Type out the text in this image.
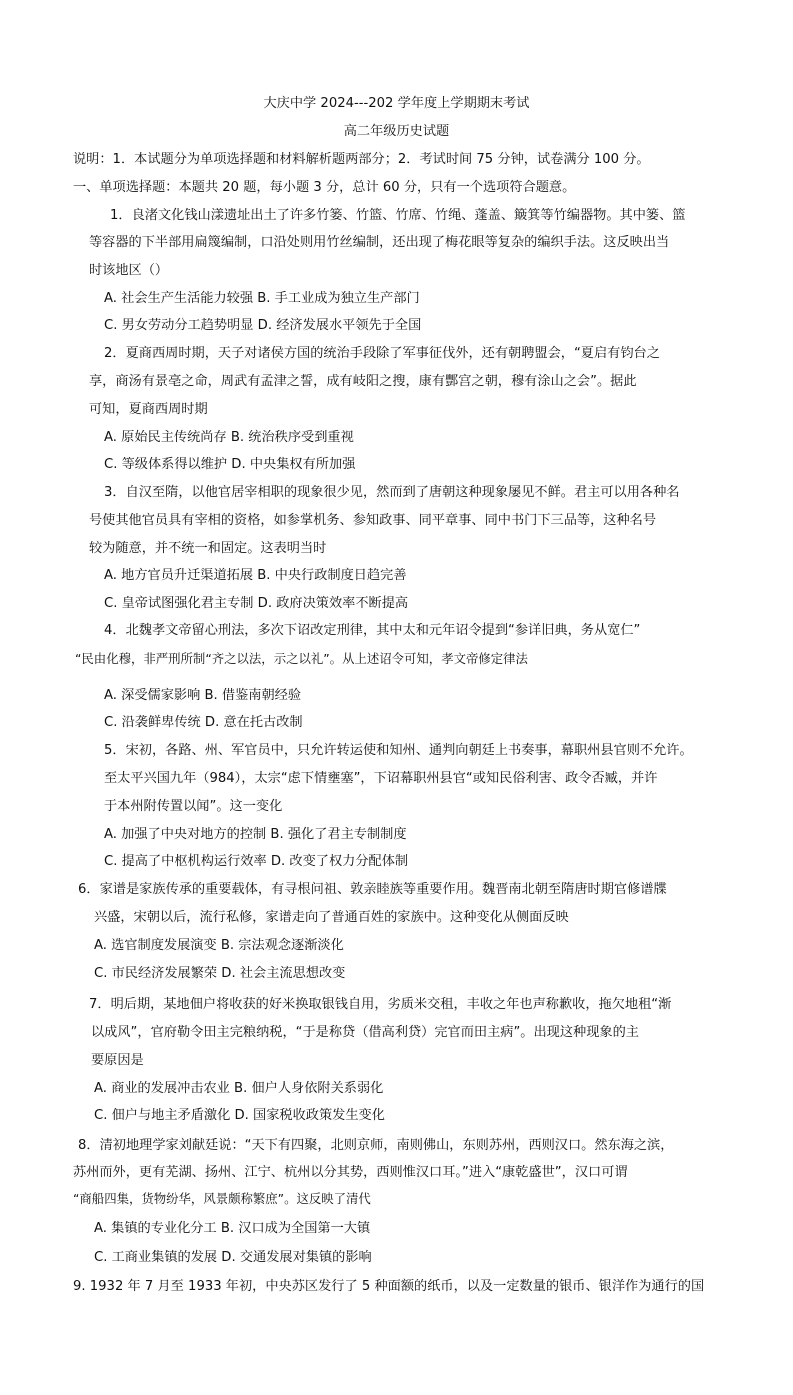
大庆中学 2024---202 学年度上学期期末考试
高二年级历史试题
说明：1．本试题分为单项选择题和材料解析题两部分；2．考试时间 75 分钟，试卷满分 100 分。
一、单项选择题：本题共 20 题，每小题 3 分，总计 60 分，只有一个选项符合题意。
1．良渚文化钱山漾遗址出土了许多竹篓、竹篮、竹席、竹绳、蓬盖、簸箕等竹编器物。其中篓、篮
等容器的下半部用扁篾编制，口沿处则用竹丝编制，还出现了梅花眼等复杂的编织手法。这反映出当
时该地区（）
A. 社会生产生活能力较强 B. 手工业成为独立生产部门
C. 男女劳动分工趋势明显 D. 经济发展水平领先于全国
2．夏商西周时期，天子对诸侯方国的统治手段除了军事征伐外，还有朝聘盟会，“夏启有钧台之
享，商汤有景亳之命，周武有孟津之誓，成有岐阳之搜，康有酆宫之朝，穆有涂山之会”。据此
可知，夏商西周时期
A. 原始民主传统尚存 B. 统治秩序受到重视
C. 等级体系得以维护 D. 中央集权有所加强
3．自汉至隋，以他官居宰相职的现象很少见，然而到了唐朝这种现象屡见不鲜。君主可以用各种名
号使其他官员具有宰相的资格，如参掌机务、参知政事、同平章事、同中书门下三品等，这种名号
较为随意，并不统一和固定。这表明当时
A. 地方官员升迁渠道拓展 B. 中央行政制度日趋完善
C. 皇帝试图强化君主专制 D. 政府决策效率不断提高
4．北魏孝文帝留心刑法，多次下诏改定刑律，其中太和元年诏令提到“参详旧典，务从宽仁”
“民由化穆，非严刑所制“齐之以法，示之以礼”。从上述诏令可知，孝文帝修定律法
A. 深受儒家影响 B. 借鉴南朝经验
C. 沿袭鲜卑传统 D. 意在托古改制
5．宋初，各路、州、军官员中，只允许转运使和知州、通判向朝廷上书奏事，幕职州县官则不允许。
至太平兴国九年（984），太宗“虑下情壅塞”，下诏幕职州县官“或知民俗利害、政令否臧，并许
于本州附传置以闻”。这一变化
A. 加强了中央对地方的控制 B. 强化了君主专制制度
C. 提高了中枢机构运行效率 D. 改变了权力分配体制
6．家谱是家族传承的重要载体，有寻根问祖、敦亲睦族等重要作用。魏晋南北朝至隋唐时期官修谱牒
兴盛，宋朝以后，流行私修，家谱走向了普通百姓的家族中。这种变化从侧面反映
A. 选官制度发展演变 B. 宗法观念逐渐淡化
C. 市民经济发展繁荣 D. 社会主流思想改变
7．明后期，某地佃户将收获的好米换取银钱自用，劣质米交租，丰收之年也声称歉收，拖欠地租“渐
以成风”，官府勒令田主完粮纳税，“于是称贷（借高利贷）完官而田主病”。出现这种现象的主
要原因是
A. 商业的发展冲击农业 B. 佃户人身依附关系弱化
C. 佃户与地主矛盾激化 D. 国家税收政策发生变化
8．清初地理学家刘献廷说：“天下有四聚，北则京师，南则佛山，东则苏州，西则汉口。然东海之滨，
苏州而外，更有芜湖、扬州、江宁、杭州以分其势，西则惟汉口耳。”进入“康乾盛世”，汉口可谓
“商船四集，货物纷华，风景颇称繁庶”。这反映了清代
A. 集镇的专业化分工 B. 汉口成为全国第一大镇
C. 工商业集镇的发展 D. 交通发展对集镇的影响
9. 1932 年 7 月至 1933 年初，中央苏区发行了 5 种面额的纸币，以及一定数量的银币、银洋作为通行的国
